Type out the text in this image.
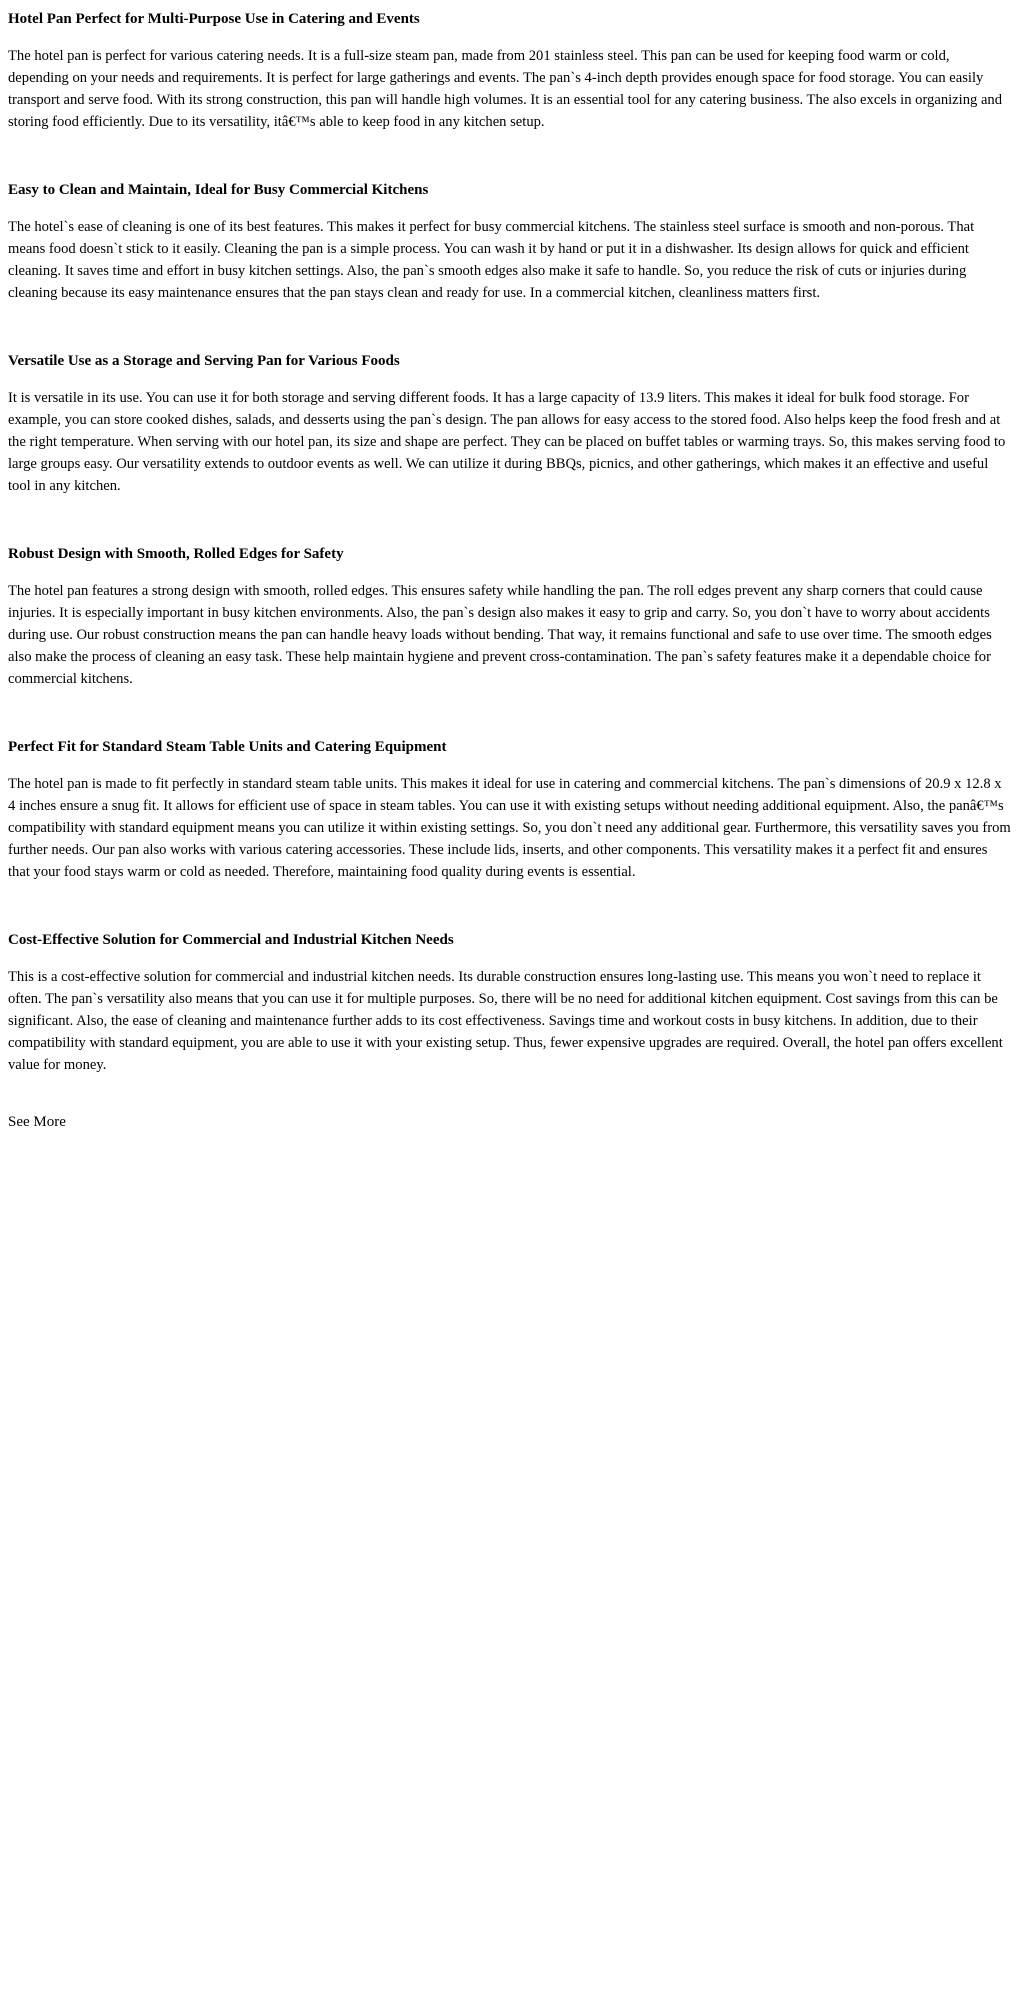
Hotel Pan Perfect for Multi-Purpose Use in Catering and Events

The hotel pan is perfect for various catering needs. It is a full-size steam pan, made from 201 stainless steel. This pan can be used for keeping food warm or cold, depending on your needs and requirements. It is perfect for large gatherings and events. The pan`s 4-inch depth provides enough space for food storage. You can easily transport and serve food. With its strong construction, this pan will handle high volumes. It is an essential tool for any catering business. The also excels in organizing and storing food efficiently. Due to its versatility, itâ€™s able to keep food in any kitchen setup.

Easy to Clean and Maintain, Ideal for Busy Commercial Kitchens

The hotel`s ease of cleaning is one of its best features. This makes it perfect for busy commercial kitchens. The stainless steel surface is smooth and non-porous. That means food doesn`t stick to it easily. Cleaning the pan is a simple process. You can wash it by hand or put it in a dishwasher. Its design allows for quick and efficient cleaning. It saves time and effort in busy kitchen settings. Also, the pan`s smooth edges also make it safe to handle. So, you reduce the risk of cuts or injuries during cleaning because its easy maintenance ensures that the pan stays clean and ready for use. In a commercial kitchen, cleanliness matters first.

Versatile Use as a Storage and Serving Pan for Various Foods

It is versatile in its use. You can use it for both storage and serving different foods. It has a large capacity of 13.9 liters. This makes it ideal for bulk food storage. For example, you can store cooked dishes, salads, and desserts using the pan`s design. The pan allows for easy access to the stored food. Also helps keep the food fresh and at the right temperature. When serving with our hotel pan, its size and shape are perfect. They can be placed on buffet tables or warming trays. So, this makes serving food to large groups easy. Our versatility extends to outdoor events as well. We can utilize it during BBQs, picnics, and other gatherings, which makes it an effective and useful tool in any kitchen.

Robust Design with Smooth, Rolled Edges for Safety

The hotel pan features a strong design with smooth, rolled edges. This ensures safety while handling the pan. The roll edges prevent any sharp corners that could cause injuries. It is especially important in busy kitchen environments. Also, the pan`s design also makes it easy to grip and carry. So, you don`t have to worry about accidents during use. Our robust construction means the pan can handle heavy loads without bending. That way, it remains functional and safe to use over time. The smooth edges also make the process of cleaning an easy task. These help maintain hygiene and prevent cross-contamination. The pan`s safety features make it a dependable choice for commercial kitchens.

Perfect Fit for Standard Steam Table Units and Catering Equipment

The hotel pan is made to fit perfectly in standard steam table units. This makes it ideal for use in catering and commercial kitchens. The pan`s dimensions of 20.9 x 12.8 x 4 inches ensure a snug fit. It allows for efficient use of space in steam tables. You can use it with existing setups without needing additional equipment. Also, the panâ€™s compatibility with standard equipment means you can utilize it within existing settings. So, you don`t need any additional gear. Furthermore, this versatility saves you from further needs. Our pan also works with various catering accessories. These include lids, inserts, and other components. This versatility makes it a perfect fit and ensures that your food stays warm or cold as needed. Therefore, maintaining food quality during events is essential.

Cost-Effective Solution for Commercial and Industrial Kitchen Needs

This is a cost-effective solution for commercial and industrial kitchen needs. Its durable construction ensures long-lasting use. This means you won`t need to replace it often. The pan`s versatility also means that you can use it for multiple purposes. So, there will be no need for additional kitchen equipment. Cost savings from this can be significant. Also, the ease of cleaning and maintenance further adds to its cost effectiveness. Savings time and workout costs in busy kitchens. In addition, due to their compatibility with standard equipment, you are able to use it with your existing setup. Thus, fewer expensive upgrades are required. Overall, the hotel pan offers excellent value for money.

See More
